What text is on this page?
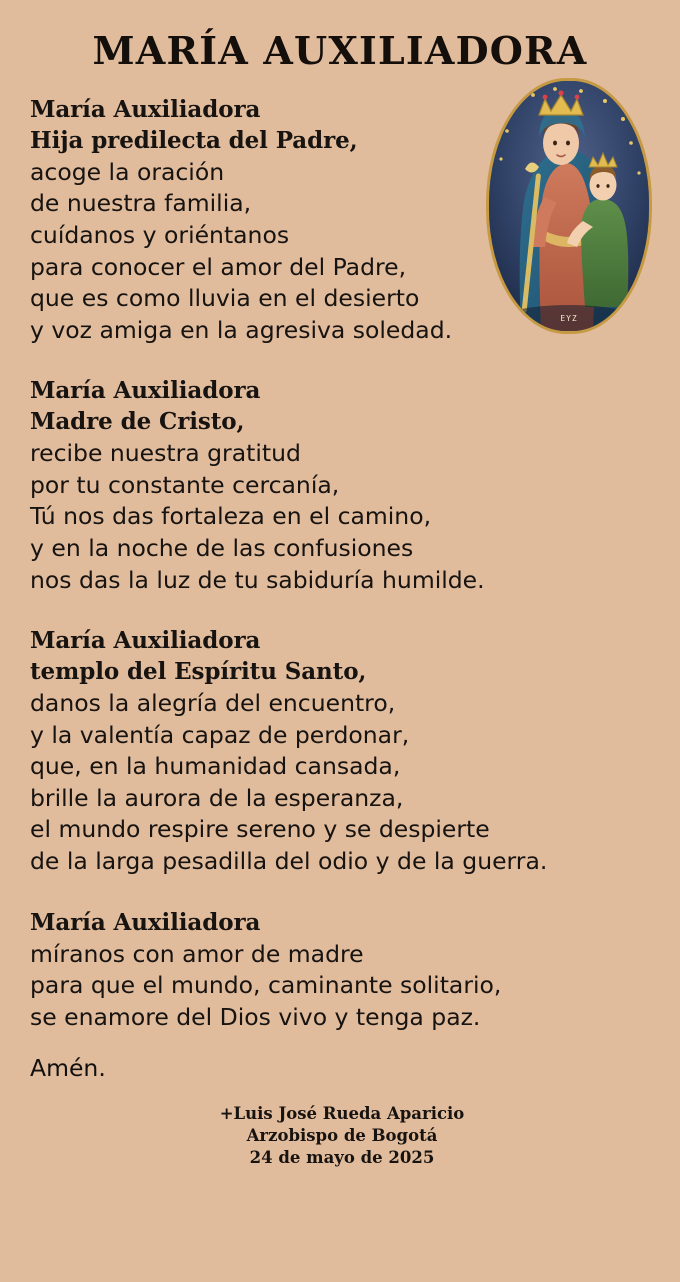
MARÍA AUXILIADORA
EYZ
María Auxiliadora
Hija predilecta del Padre,
acoge la oración
de nuestra familia,
cuídanos y oriéntanos
para conocer el amor del Padre,
que es como lluvia en el desierto
y voz amiga en la agresiva soledad.
María Auxiliadora
Madre de Cristo,
recibe nuestra gratitud
por tu constante cercanía,
Tú nos das fortaleza en el camino,
y en la noche de las confusiones
nos das la luz de tu sabiduría humilde.
María Auxiliadora
templo del Espíritu Santo,
danos la alegría del encuentro,
y la valentía capaz de perdonar,
que, en la humanidad cansada,
brille la aurora de la esperanza,
el mundo respire sereno y se despierte
de la larga pesadilla del odio y de la guerra.
María Auxiliadora
míranos con amor de madre
para que el mundo, caminante solitario,
se enamore del Dios vivo y tenga paz.
Amén.
+Luis José Rueda Aparicio
Arzobispo de Bogotá
24 de mayo de 2025
